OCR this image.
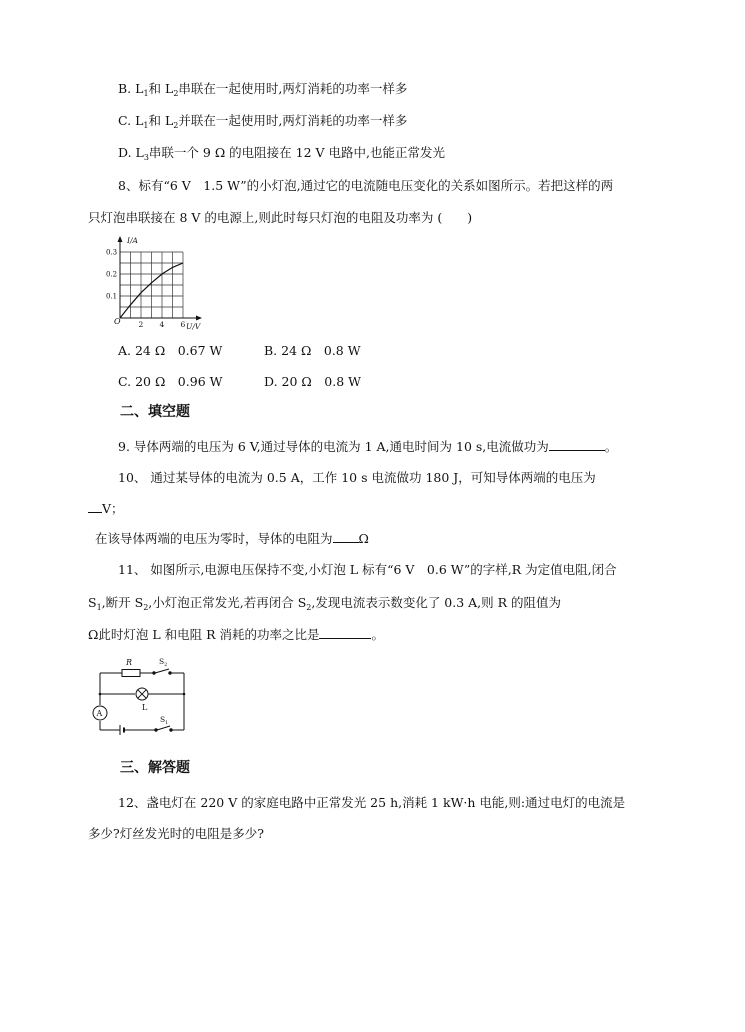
B. $L_1$和 $L_2$串联在一起使用时,两灯消耗的功率一样多
C. $L_1$和 $L_2$并联在一起使用时,两灯消耗的功率一样多
D. $L_3$串联一个 9 Ω 的电阻接在 12 V 电路中,也能正常发光
8、标有“6 V　1.5 W”的小灯泡,通过它的电流随电压变化的关系如图所示。若把这样的两
只灯泡串联接在 8 V 的电源上,则此时每只灯泡的电阻及功率为 (　　)
2 4 6
0.1
0.2
0.3
I/A
U/V
O
A. 24 Ω　0.67 W	B. 24 Ω　0.8 W
C. 20 Ω　0.96 W	D. 20 Ω　0.8 W
二、填空题
9. 导体两端的电压为 6 V,通过导体的电流为 1 A,通电时间为 10 s,电流做功为	。
10、 通过某导体的电流为 0.5 A，工作 10 s 电流做功 180 J，可知导体两端的电压为
V；
在该导体两端的电压为零时，导体的电阻为 Ω
11、 如图所示,电源电压保持不变,小灯泡 L 标有“6 V　0.6 W”的字样,R 为定值电阻,闭合
$S_1$,断开 $S_2$,小灯泡正常发光,若再闭合 $S_2$,发现电流表示数变化了 0.3 A,则 R 的阻值为
Ω此时灯泡 L 和电阻 R 消耗的功率之比是	。
R	$S_2$
L
A
$S_1$
三、解答题
12、盏电灯在 220 V 的家庭电路中正常发光 25 h,消耗 1 kW·h 电能,则:通过电灯的电流是
多少?灯丝发光时的电阻是多少?
